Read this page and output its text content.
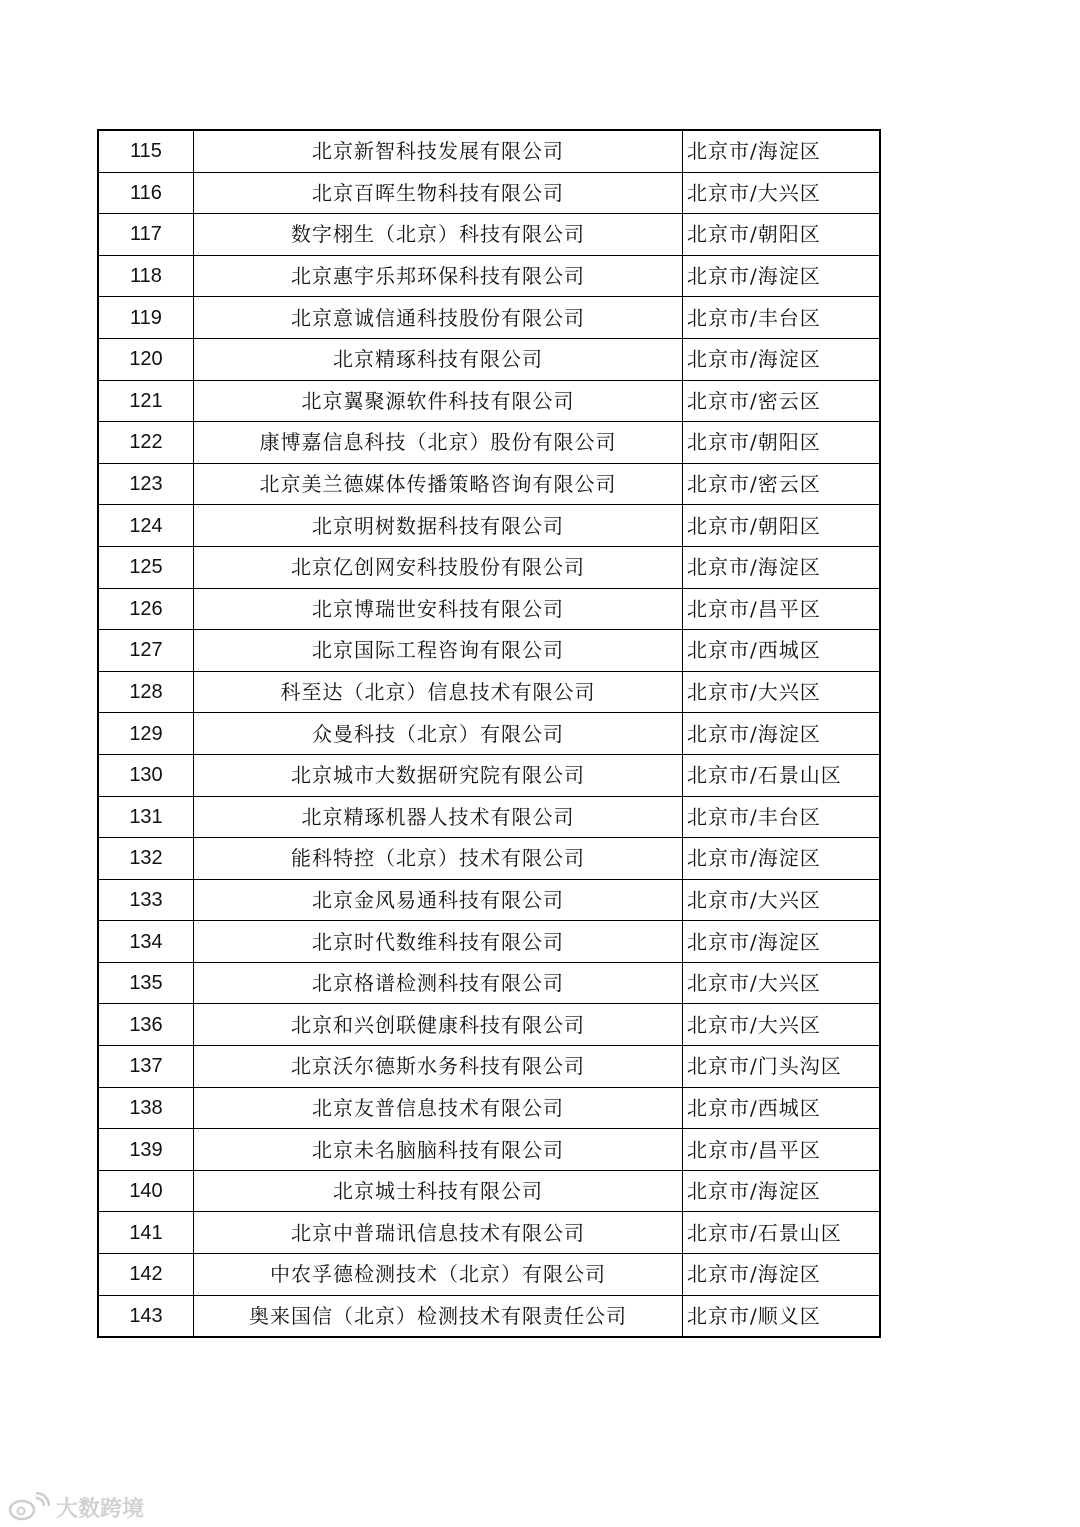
115	北京新智科技发展有限公司	北京市/海淀区
116	北京百晖生物科技有限公司	北京市/大兴区
117	数字栩生（北京）科技有限公司	北京市/朝阳区
118	北京惠宇乐邦环保科技有限公司	北京市/海淀区
119	北京意诚信通科技股份有限公司	北京市/丰台区
120	北京精琢科技有限公司	北京市/海淀区
121	北京翼聚源软件科技有限公司	北京市/密云区
122	康博嘉信息科技（北京）股份有限公司	北京市/朝阳区
123	北京美兰德媒体传播策略咨询有限公司	北京市/密云区
124	北京明树数据科技有限公司	北京市/朝阳区
125	北京亿创网安科技股份有限公司	北京市/海淀区
126	北京博瑞世安科技有限公司	北京市/昌平区
127	北京国际工程咨询有限公司	北京市/西城区
128	科至达（北京）信息技术有限公司	北京市/大兴区
129	众曼科技（北京）有限公司	北京市/海淀区
130	北京城市大数据研究院有限公司	北京市/石景山区
131	北京精琢机器人技术有限公司	北京市/丰台区
132	能科特控（北京）技术有限公司	北京市/海淀区
133	北京金风易通科技有限公司	北京市/大兴区
134	北京时代数维科技有限公司	北京市/海淀区
135	北京格谱检测科技有限公司	北京市/大兴区
136	北京和兴创联健康科技有限公司	北京市/大兴区
137	北京沃尔德斯水务科技有限公司	北京市/门头沟区
138	北京友普信息技术有限公司	北京市/西城区
139	北京未名脑脑科技有限公司	北京市/昌平区
140	北京城士科技有限公司	北京市/海淀区
141	北京中普瑞讯信息技术有限公司	北京市/石景山区
142	中农孚德检测技术（北京）有限公司	北京市/海淀区
143	奥来国信（北京）检测技术有限责任公司	北京市/顺义区
大数跨境
